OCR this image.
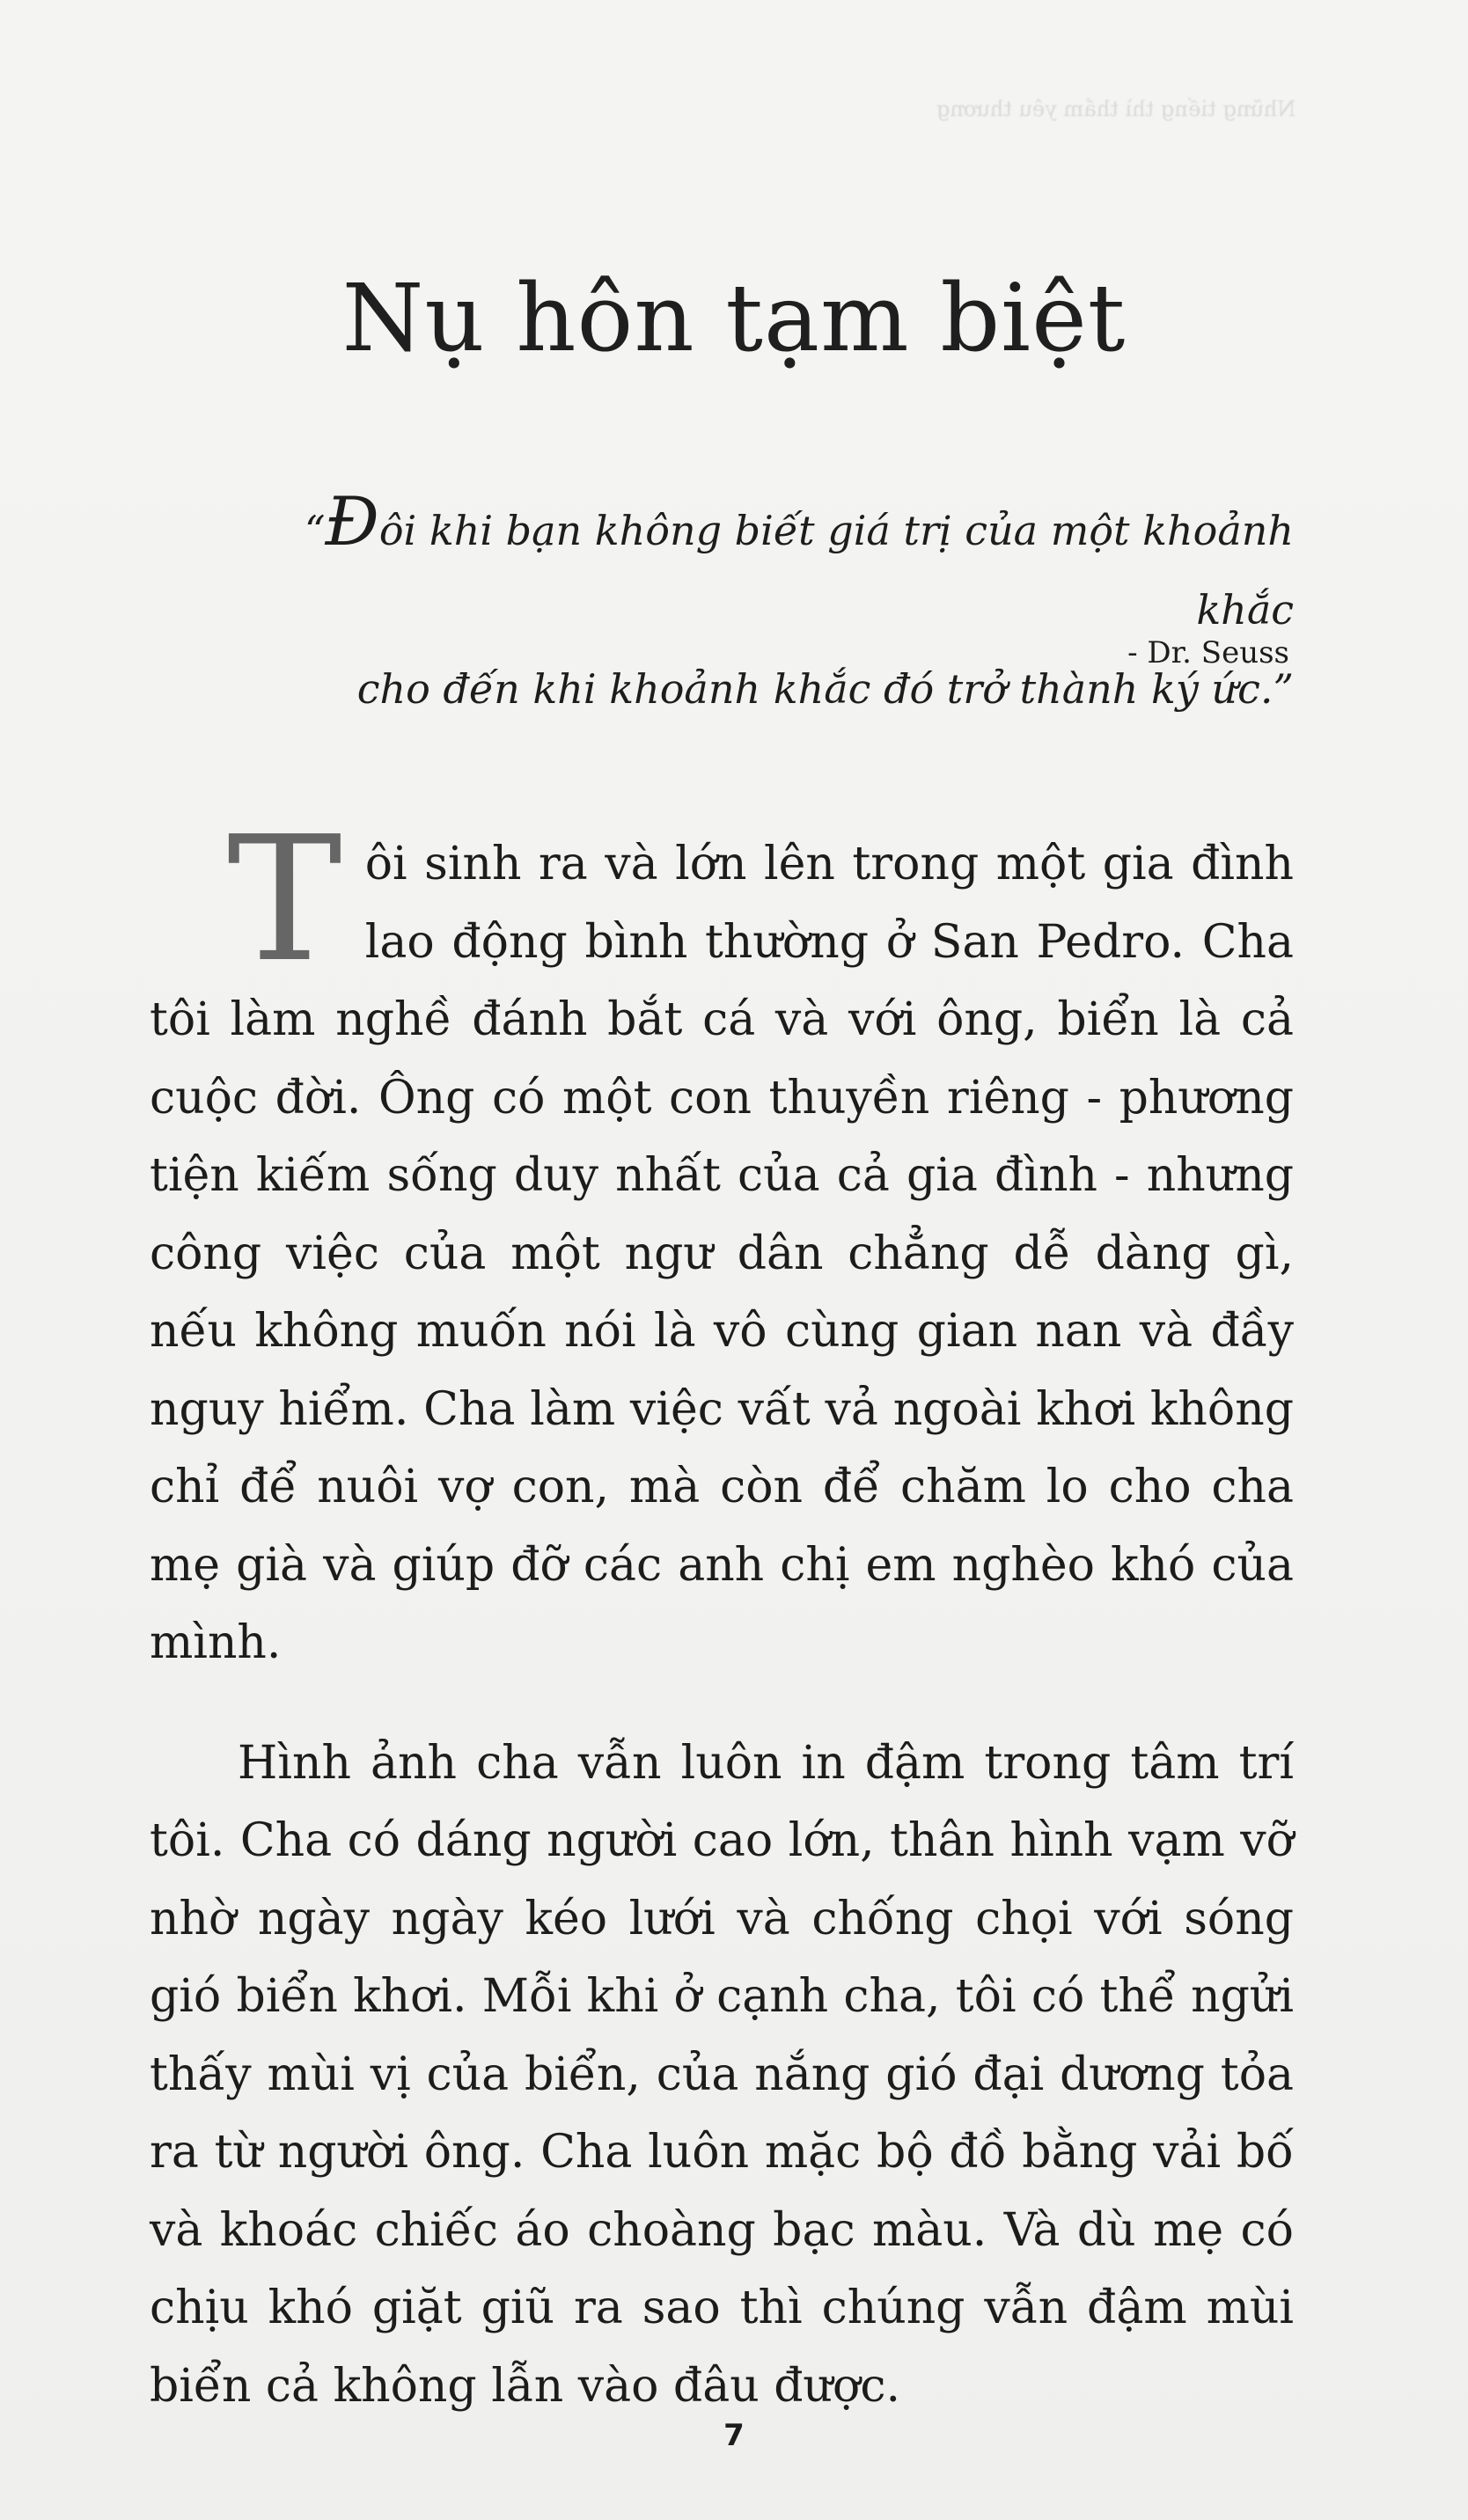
Những tiếng thì thầm yêu thương
Nụ hôn tạm biệt
“Đôi khi bạn không biết giá trị của một khoảnh khắc
cho đến khi khoảnh khắc đó trở thành ký ức.”
- Dr. Seuss

Tôi sinh ra và lớn lên trong một gia đình lao động bình thường ở San Pedro. Cha tôi làm nghề đánh bắt cá và với ông, biển là cả cuộc đời. Ông có một con thuyền riêng - phương tiện kiếm sống duy nhất của cả gia đình - nhưng công việc của một ngư dân chẳng dễ dàng gì, nếu không muốn nói là vô cùng gian nan và đầy nguy hiểm. Cha làm việc vất vả ngoài khơi không chỉ để nuôi vợ con, mà còn để chăm lo cho cha mẹ già và giúp đỡ các anh chị em nghèo khó của mình.

Hình ảnh cha vẫn luôn in đậm trong tâm trí tôi. Cha có dáng người cao lớn, thân hình vạm vỡ nhờ ngày ngày kéo lưới và chống chọi với sóng gió biển khơi. Mỗi khi ở cạnh cha, tôi có thể ngửi thấy mùi vị của biển, của nắng gió đại dương tỏa ra từ người ông. Cha luôn mặc bộ đồ bằng vải bố và khoác chiếc áo choàng bạc màu. Và dù mẹ có chịu khó giặt giũ ra sao thì chúng vẫn đậm mùi biển cả không lẫn vào đâu được.

7
